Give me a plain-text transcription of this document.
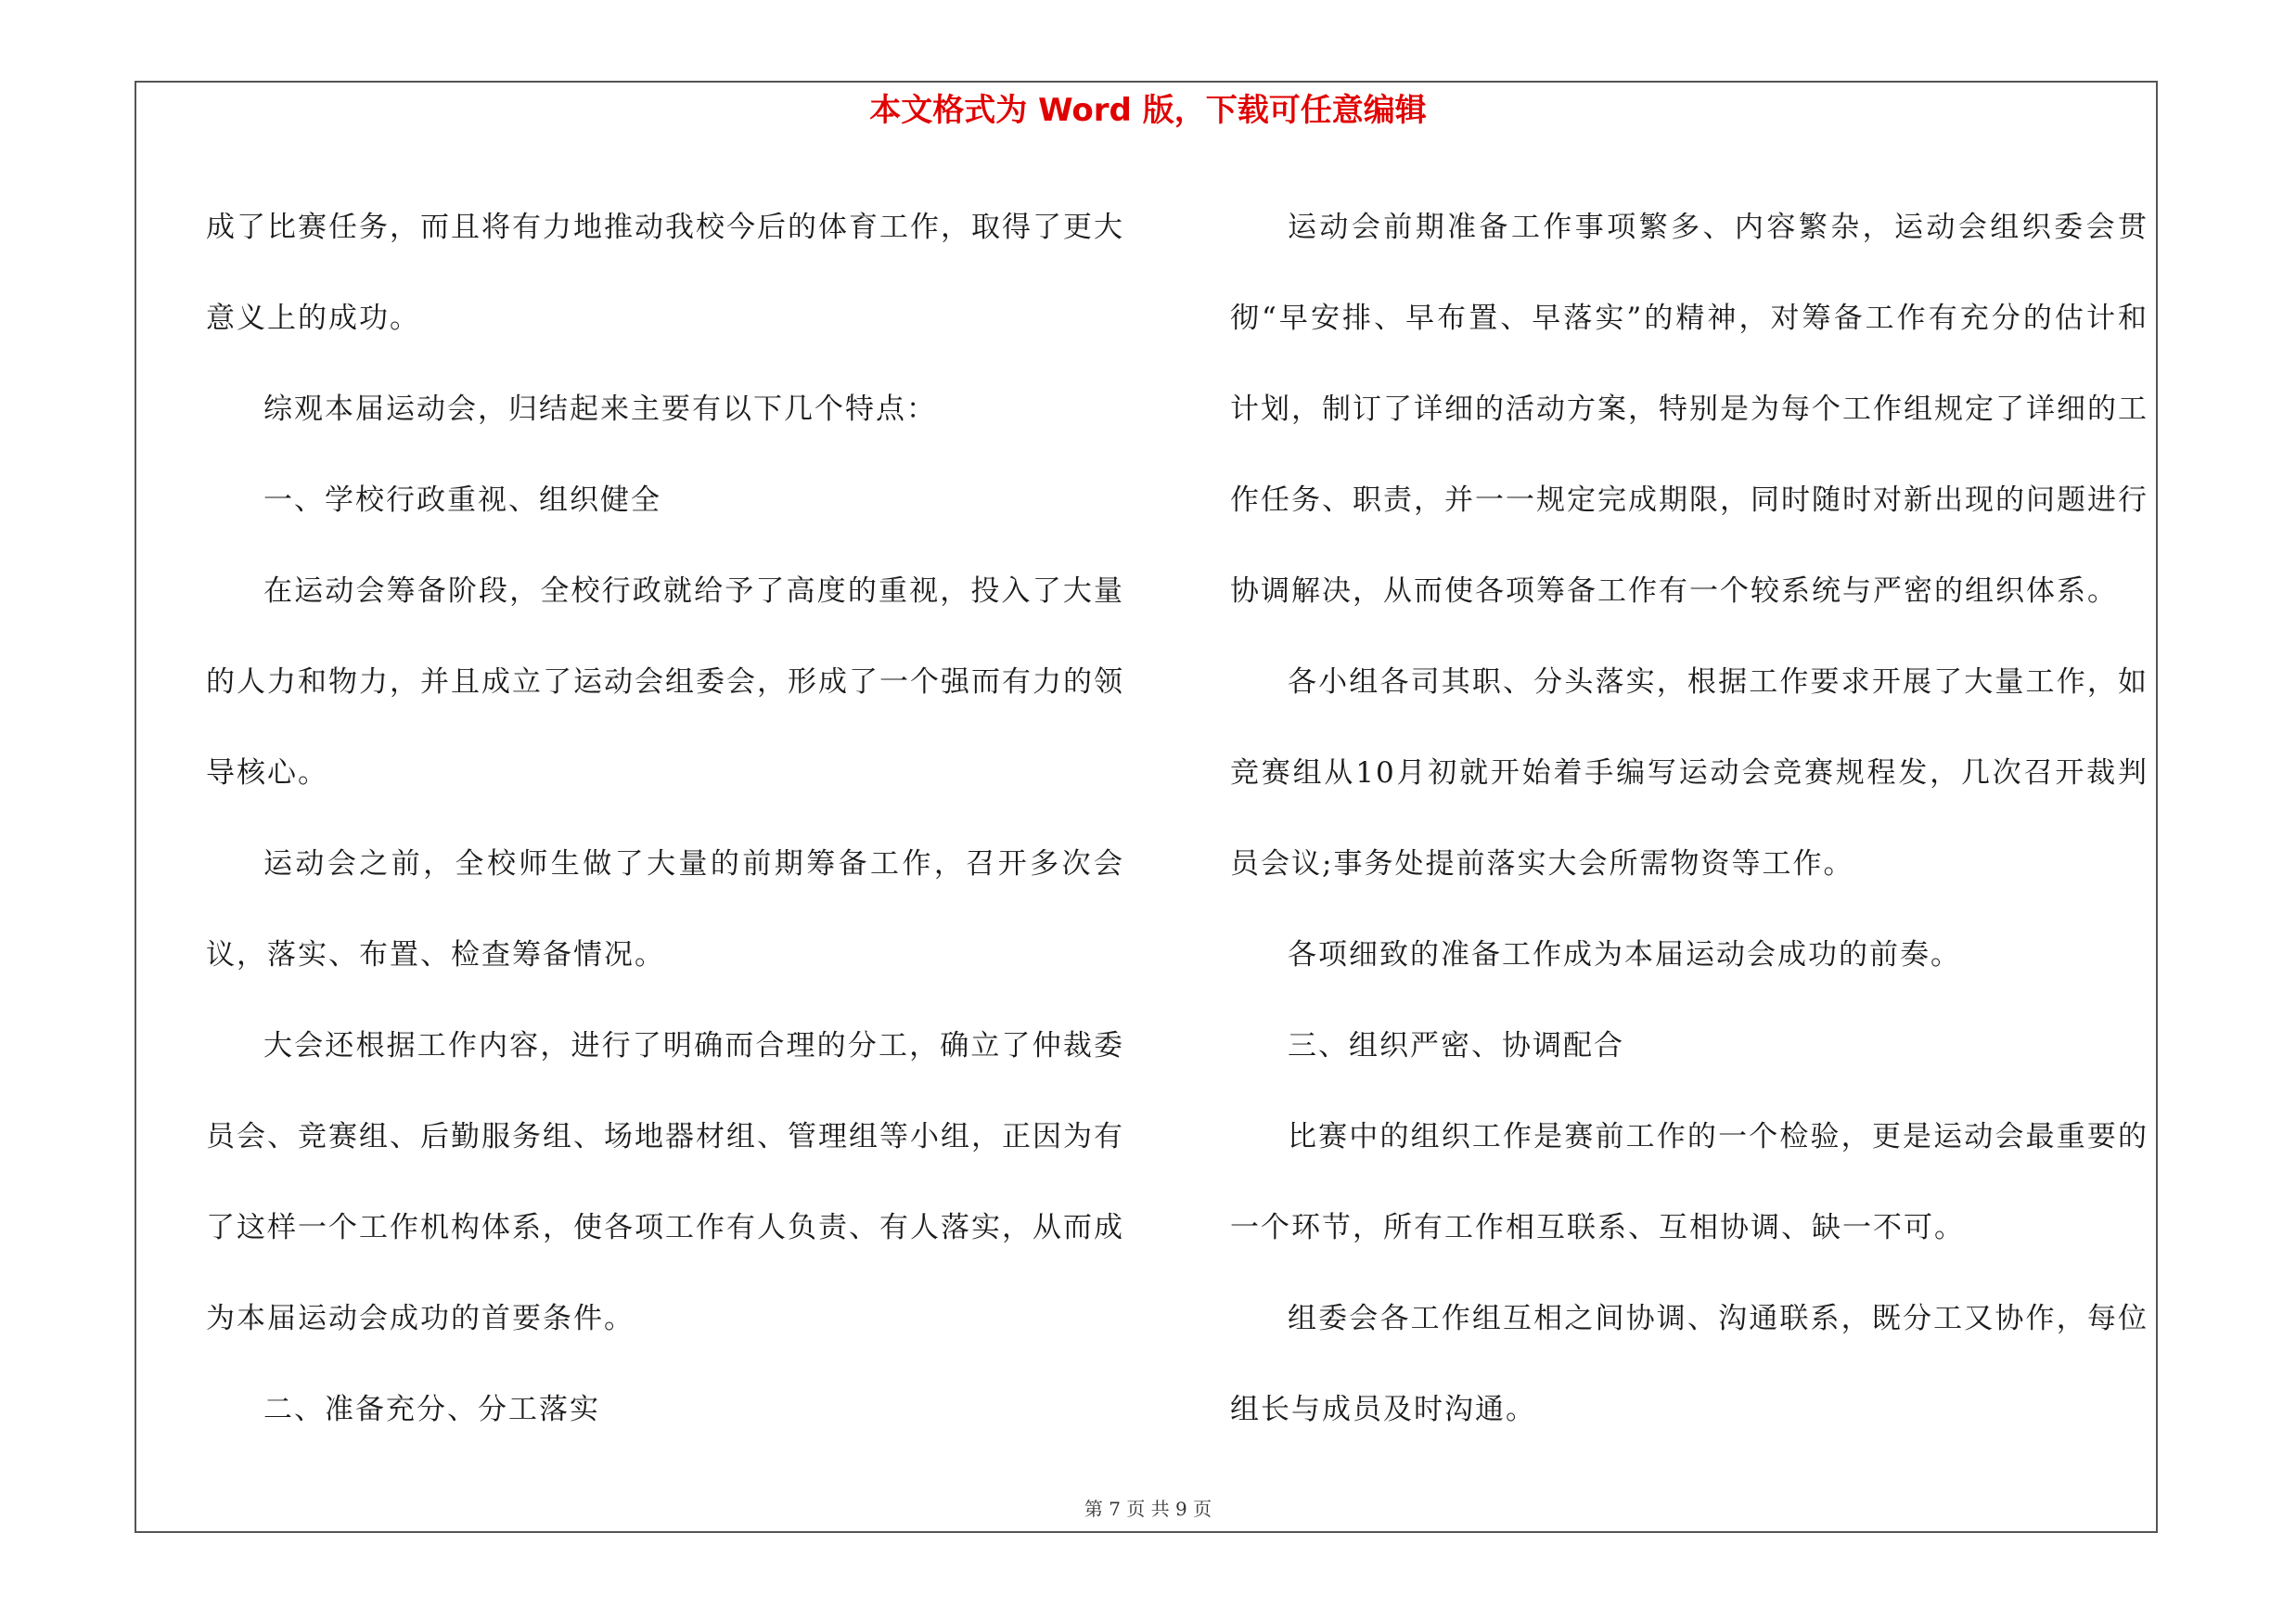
本文格式为 Word 版，下载可任意编辑

成了比赛任务，而且将有力地推动我校今后的体育工作，取得了更大意义上的成功。

综观本届运动会，归结起来主要有以下几个特点：

一、学校行政重视、组织健全

在运动会筹备阶段，全校行政就给予了高度的重视，投入了大量的人力和物力，并且成立了运动会组委会，形成了一个强而有力的领导核心。

运动会之前，全校师生做了大量的前期筹备工作，召开多次会议，落实、布置、检查筹备情况。

大会还根据工作内容，进行了明确而合理的分工，确立了仲裁委员会、竞赛组、后勤服务组、场地器材组、管理组等小组，正因为有了这样一个工作机构体系，使各项工作有人负责、有人落实，从而成为本届运动会成功的首要条件。

二、准备充分、分工落实

运动会前期准备工作事项繁多、内容繁杂，运动会组织委会贯彻“早安排、早布置、早落实”的精神，对筹备工作有充分的估计和计划，制订了详细的活动方案，特别是为每个工作组规定了详细的工作任务、职责，并一一规定完成期限，同时随时对新出现的问题进行协调解决，从而使各项筹备工作有一个较系统与严密的组织体系。

各小组各司其职、分头落实，根据工作要求开展了大量工作，如竞赛组从10月初就开始着手编写运动会竞赛规程发，几次召开裁判员会议;事务处提前落实大会所需物资等工作。

各项细致的准备工作成为本届运动会成功的前奏。

三、组织严密、协调配合

比赛中的组织工作是赛前工作的一个检验，更是运动会最重要的一个环节，所有工作相互联系、互相协调、缺一不可。

组委会各工作组互相之间协调、沟通联系，既分工又协作，每位组长与成员及时沟通。

第 7 页 共 9 页
